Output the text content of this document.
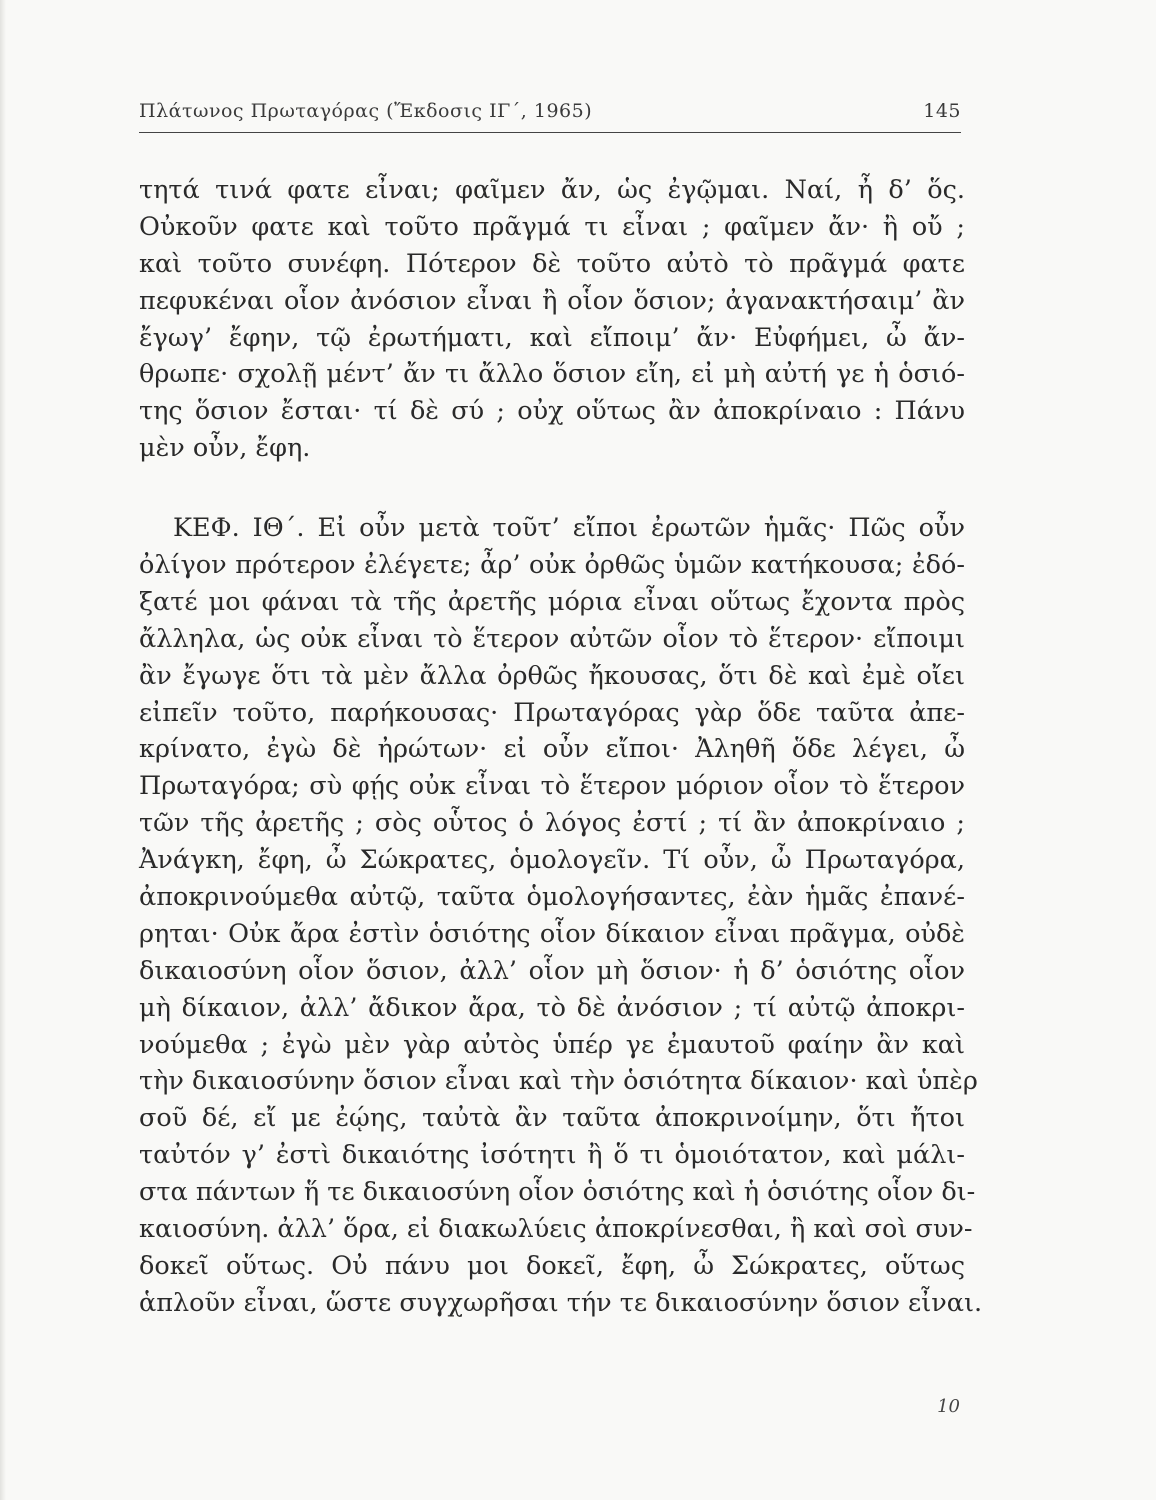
Πλάτωνος Πρωταγόρας (Ἔκδοσις ΙΓ΄, 1965)	145
τητά τινά φατε εἶναι; φαῖμεν ἄν, ὡς ἐγῷμαι. Ναί, ἦ δ’ ὅς.
Οὐκοῦν φατε καὶ τοῦτο πρᾶγμά τι εἶναι ; φαῖμεν ἄν· ἢ οὔ ;
καὶ τοῦτο συνέφη. Πότερον δὲ τοῦτο αὐτὸ τὸ πρᾶγμά φατε
πεφυκέναι οἷον ἀνόσιον εἶναι ἢ οἷον ὅσιον; ἀγανακτήσαιμ’ ἂν
ἔγωγ’ ἔφην, τῷ ἐρωτήματι, καὶ εἴποιμ’ ἄν· Εὐφήμει, ὦ ἄν-
θρωπε· σχολῇ μέντ’ ἄν τι ἄλλο ὅσιον εἴη, εἰ μὴ αὐτή γε ἡ ὁσιό-
της ὅσιον ἔσται· τί δὲ σύ ; οὐχ οὕτως ἂν ἀποκρίναιο : Πάνυ
μὲν οὖν, ἔφη.
ΚΕΦ. ΙΘ΄. Εἰ οὖν μετὰ τοῦτ’ εἴποι ἐρωτῶν ἡμᾶς· Πῶς οὖν
ὀλίγον πρότερον ἐλέγετε; ἆρ’ οὐκ ὀρθῶς ὑμῶν κατήκουσα; ἐδό-
ξατέ μοι φάναι τὰ τῆς ἀρετῆς μόρια εἶναι οὕτως ἔχοντα πρὸς
ἄλληλα, ὡς οὐκ εἶναι τὸ ἕτερον αὐτῶν οἷον τὸ ἕτερον· εἴποιμι
ἂν ἔγωγε ὅτι τὰ μὲν ἄλλα ὀρθῶς ἤκουσας, ὅτι δὲ καὶ ἐμὲ οἴει
εἰπεῖν τοῦτο, παρήκουσας· Πρωταγόρας γὰρ ὅδε ταῦτα ἀπε-
κρίνατο, ἐγὼ δὲ ἠρώτων· εἰ οὖν εἴποι· Ἀληθῆ ὅδε λέγει, ὦ
Πρωταγόρα; σὺ φῄς οὐκ εἶναι τὸ ἕτερον μόριον οἷον τὸ ἕτερον
τῶν τῆς ἀρετῆς ; σὸς οὗτος ὁ λόγος ἐστί ; τί ἂν ἀποκρίναιο ;
Ἀνάγκη, ἔφη, ὦ Σώκρατες, ὁμολογεῖν. Τί οὖν, ὦ Πρωταγόρα,
ἀποκρινούμεθα αὐτῷ, ταῦτα ὁμολογήσαντες, ἐὰν ἡμᾶς ἐπανέ-
ρηται· Οὐκ ἄρα ἐστὶν ὁσιότης οἷον δίκαιον εἶναι πρᾶγμα, οὐδὲ
δικαιοσύνη οἷον ὅσιον, ἀλλ’ οἷον μὴ ὅσιον· ἡ δ’ ὁσιότης οἷον
μὴ δίκαιον, ἀλλ’ ἄδικον ἄρα, τὸ δὲ ἀνόσιον ; τί αὐτῷ ἀποκρι-
νούμεθα ; ἐγὼ μὲν γὰρ αὐτὸς ὑπέρ γε ἐμαυτοῦ φαίην ἂν καὶ
τὴν δικαιοσύνην ὅσιον εἶναι καὶ τὴν ὁσιότητα δίκαιον· καὶ ὑπὲρ
σοῦ δέ, εἴ με ἐῴης, ταὐτὰ ἂν ταῦτα ἀποκρινοίμην, ὅτι ἤτοι
ταὐτόν γ’ ἐστὶ δικαιότης ἰσότητι ἢ ὅ τι ὁμοιότατον, καὶ μάλι-
στα πάντων ἥ τε δικαιοσύνη οἷον ὁσιότης καὶ ἡ ὁσιότης οἷον δι-
καιοσύνη. ἀλλ’ ὅρα, εἰ διακωλύεις ἀποκρίνεσθαι, ἢ καὶ σοὶ συν-
δοκεῖ οὕτως. Οὐ πάνυ μοι δοκεῖ, ἔφη, ὦ Σώκρατες, οὕτως
ἁπλοῦν εἶναι, ὥστε συγχωρῆσαι τήν τε δικαιοσύνην ὅσιον εἶναι.
10
